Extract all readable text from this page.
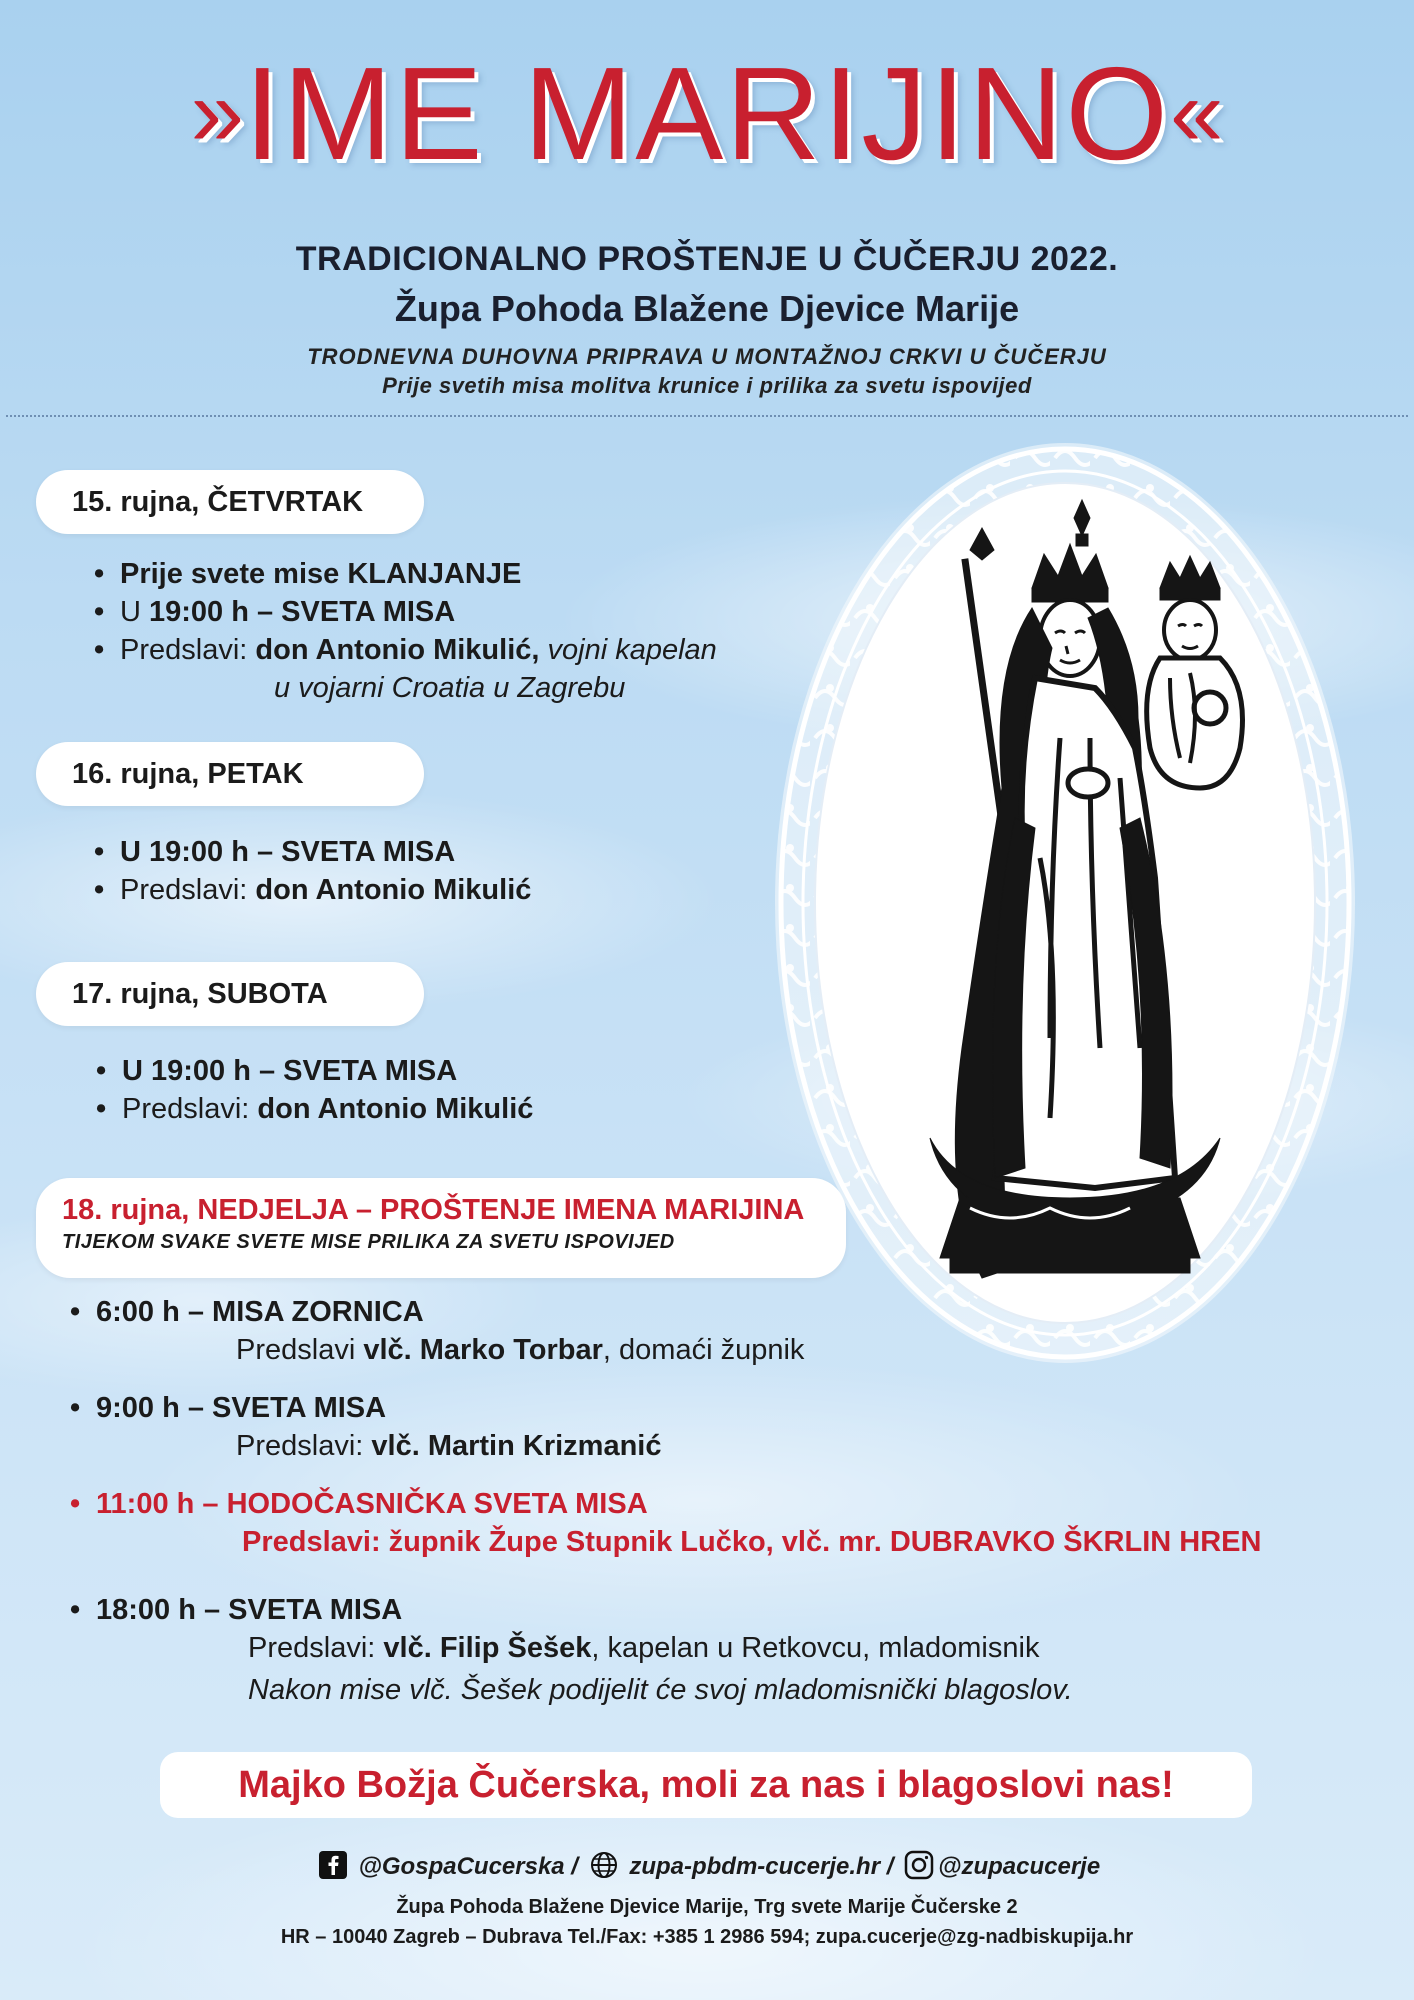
»IME MARIJINO«
TRADICIONALNO PROŠTENJE U ČUČERJU 2022.
Župa Pohoda Blažene Djevice Marije
TRODNEVNA DUHOVNA PRIPRAVA U MONTAŽNOJ CRKVI U ČUČERJU
Prije svetih misa molitva krunice i prilika za svetu ispovijed
15. rujna, ČETVRTAK
• Prije svete mise KLANJANJE
• U 19:00 h – SVETA MISA
• Predslavi: don Antonio Mikulić, vojni kapelan
u vojarni Croatia u Zagrebu
16. rujna, PETAK
• U 19:00 h – SVETA MISA
• Predslavi: don Antonio Mikulić
17. rujna, SUBOTA
• U 19:00 h – SVETA MISA
• Predslavi: don Antonio Mikulić
18. rujna, NEDJELJA – PROŠTENJE IMENA MARIJINA
TIJEKOM SVAKE SVETE MISE PRILIKA ZA SVETU ISPOVIJED
• 6:00 h – MISA ZORNICA
Predslavi vlč. Marko Torbar, domaći župnik
• 9:00 h – SVETA MISA
Predslavi: vlč. Martin Krizmanić
• 11:00 h – HODOČASNIČKA SVETA MISA
Predslavi: župnik Župe Stupnik Lučko, vlč. mr. DUBRAVKO ŠKRLIN HREN
• 18:00 h – SVETA MISA
Predslavi: vlč. Filip Šešek, kapelan u Retkovcu, mladomisnik
Nakon mise vlč. Šešek podijelit će svoj mladomisnički blagoslov.
Majko Božja Čučerska, moli za nas i blagoslovi nas!
@GospaCucerska /  zupa-pbdm-cucerje.hr / @zupacucerje
Župa Pohoda Blažene Djevice Marije, Trg svete Marije Čučerske 2
HR – 10040 Zagreb – Dubrava Tel./Fax: +385 1 2986 594; zupa.cucerje@zg-nadbiskupija.hr
